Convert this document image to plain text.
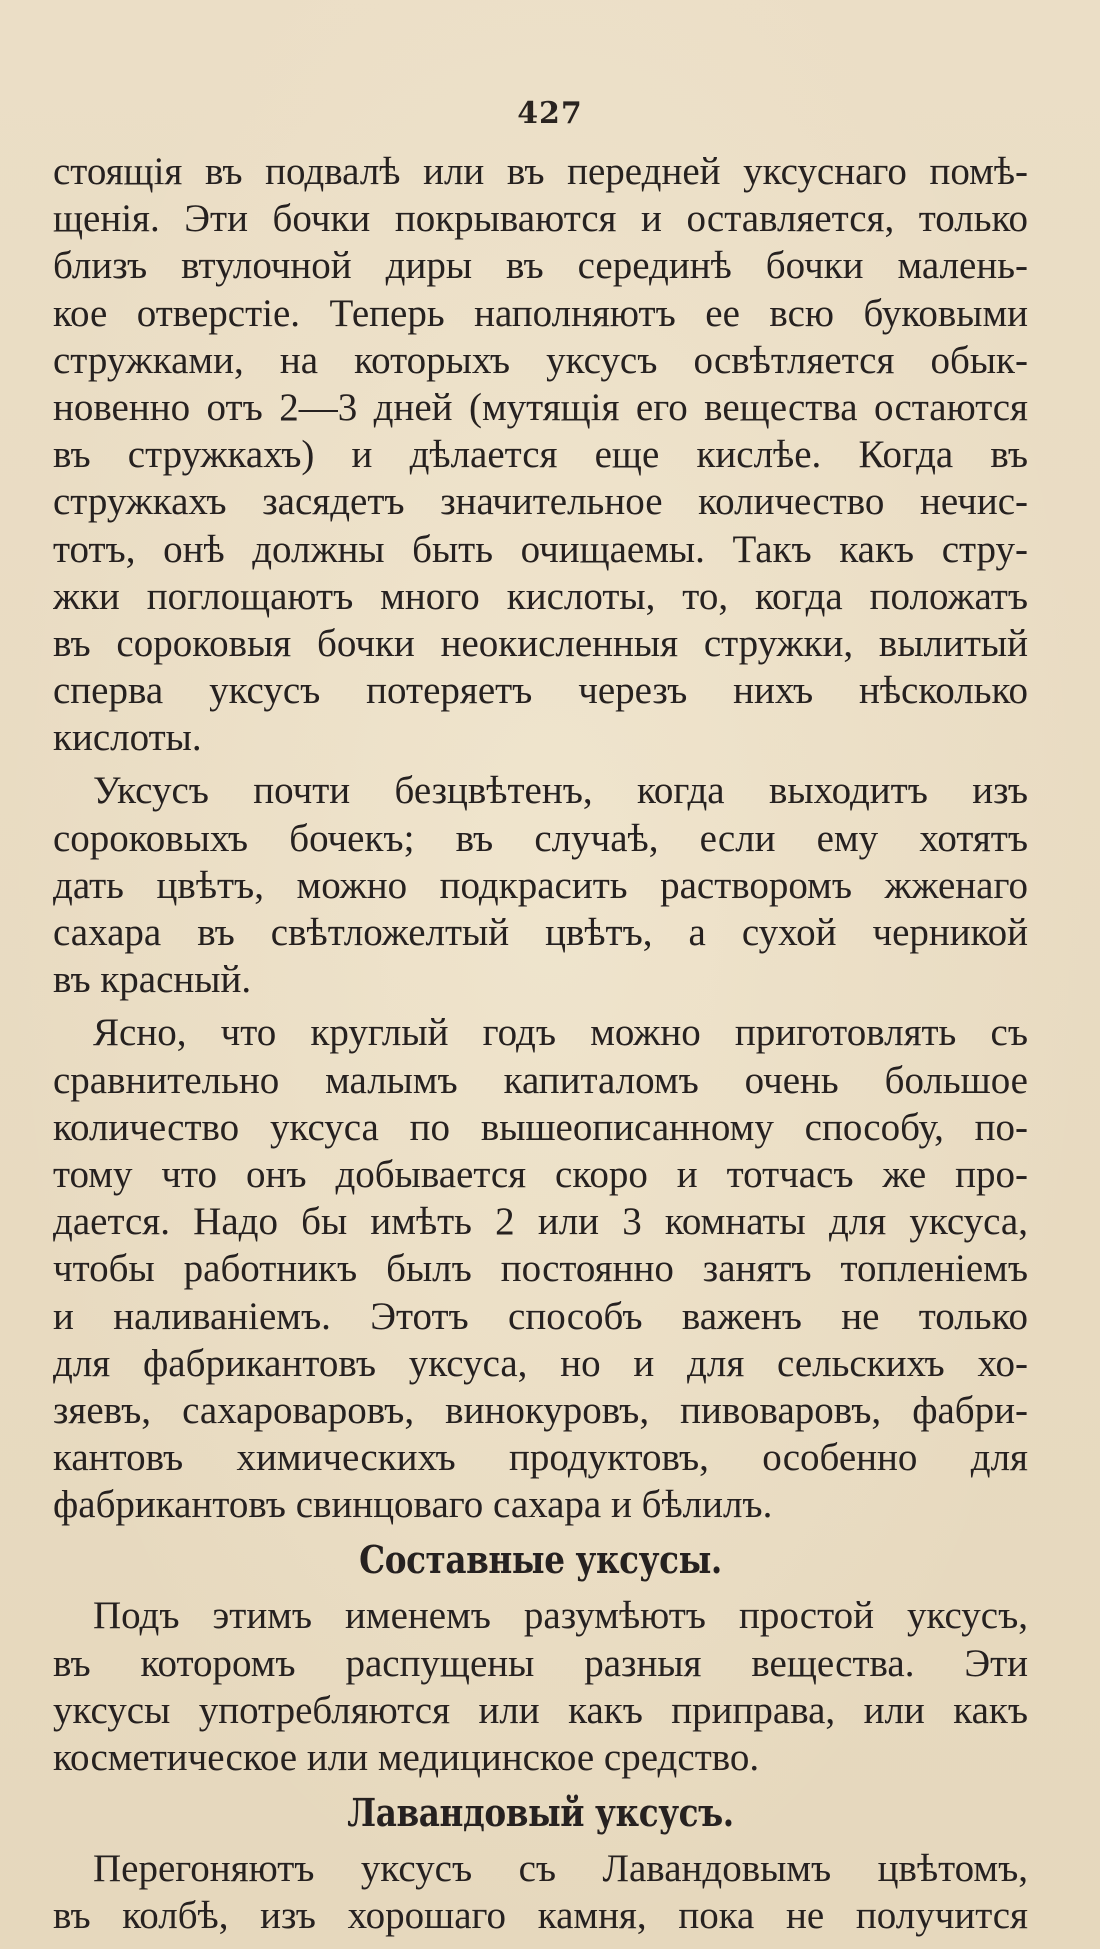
427
стоящія въ подвалѣ или въ передней уксуснаго помѣ-
щенія. Эти бочки покрываются и оставляется, только
близъ втулочной диры въ серединѣ бочки малень-
кое отверстіе. Теперь наполняютъ ее всю буковыми
стружками, на которыхъ уксусъ освѣтляется обык-
новенно отъ 2—3 дней (мутящія его вещества остаются
въ стружкахъ) и дѣлается еще кислѣе. Когда въ
стружкахъ засядетъ значительное количество нечис-
тотъ, онѣ должны быть очищаемы. Такъ какъ стру-
жки поглощаютъ много кислоты, то, когда положатъ
въ сороковыя бочки неокисленныя стружки, вылитый
сперва уксусъ потеряетъ черезъ нихъ нѣсколько
кислоты.
Уксусъ почти безцвѣтенъ, когда выходитъ изъ
сороковыхъ бочекъ; въ случаѣ, если ему хотятъ
дать цвѣтъ, можно подкрасить растворомъ жженаго
сахара въ свѣтложелтый цвѣтъ, а сухой черникой
въ красный.
Ясно, что круглый годъ можно приготовлять съ
сравнительно малымъ капиталомъ очень большое
количество уксуса по вышеописанному способу, по-
тому что онъ добывается скоро и тотчасъ же про-
дается. Надо бы имѣть 2 или 3 комнаты для уксуса,
чтобы работникъ былъ постоянно занятъ топленіемъ
и наливаніемъ. Этотъ способъ важенъ не только
для фабрикантовъ уксуса, но и для сельскихъ хо-
зяевъ, сахароваровъ, винокуровъ, пивоваровъ, фабри-
кантовъ химическихъ продуктовъ, особенно для
фабрикантовъ свинцоваго сахара и бѣлилъ.
Составные уксусы.
Подъ этимъ именемъ разумѣютъ простой уксусъ,
въ которомъ распущены разныя вещества. Эти
уксусы употребляются или какъ приправа, или какъ
косметическое или медицинское средство.
Лавандовый уксусъ.
Перегоняютъ уксусъ съ Лавандовымъ цвѣтомъ,
въ колбѣ, изъ хорошаго камня, пока не получится
